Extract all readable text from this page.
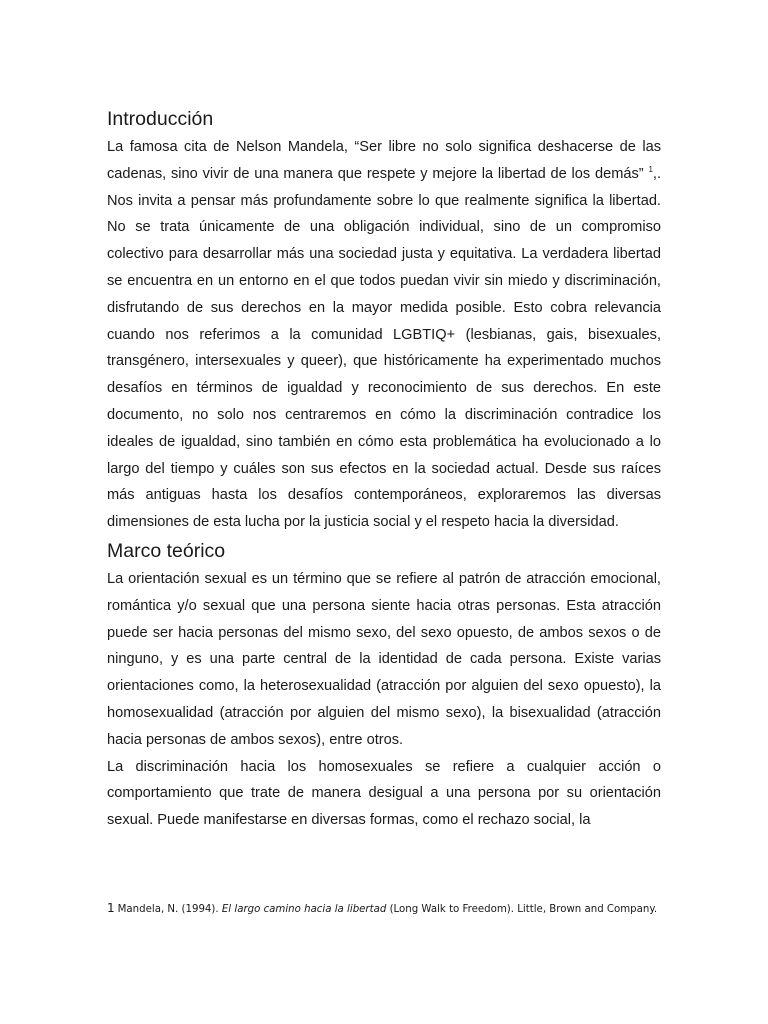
Introducción

La famosa cita de Nelson Mandela, “Ser libre no solo significa deshacerse de las cadenas, sino vivir de una manera que respete y mejore la libertad de los demás” $^1$,. Nos invita a pensar más profundamente sobre lo que realmente significa la libertad. No se trata únicamente de una obligación individual, sino de un compromiso colectivo para desarrollar más una sociedad justa y equitativa. La verdadera libertad se encuentra en un entorno en el que todos puedan vivir sin miedo y discriminación, disfrutando de sus derechos en la mayor medida posible. Esto cobra relevancia cuando nos referimos a la comunidad LGBTIQ+ (lesbianas, gais, bisexuales, transgénero, intersexuales y queer), que históricamente ha experimentado muchos desafíos en términos de igualdad y reconocimiento de sus derechos. En este documento, no solo nos centraremos en cómo la discriminación contradice los ideales de igualdad, sino también en cómo esta problemática ha evolucionado a lo largo del tiempo y cuáles son sus efectos en la sociedad actual. Desde sus raíces más antiguas hasta los desafíos contemporáneos, exploraremos las diversas dimensiones de esta lucha por la justicia social y el respeto hacia la diversidad.

Marco teórico

La orientación sexual es un término que se refiere al patrón de atracción emocional, romántica y/o sexual que una persona siente hacia otras personas. Esta atracción puede ser hacia personas del mismo sexo, del sexo opuesto, de ambos sexos o de ninguno, y es una parte central de la identidad de cada persona. Existe varias orientaciones como, la heterosexualidad (atracción por alguien del sexo opuesto), la homosexualidad (atracción por alguien del mismo sexo), la bisexualidad (atracción hacia personas de ambos sexos), entre otros.

La discriminación hacia los homosexuales se refiere a cualquier acción o comportamiento que trate de manera desigual a una persona por su orientación sexual. Puede manifestarse en diversas formas, como el rechazo social, la

1 Mandela, N. (1994). El largo camino hacia la libertad (Long Walk to Freedom). Little, Brown and Company.
